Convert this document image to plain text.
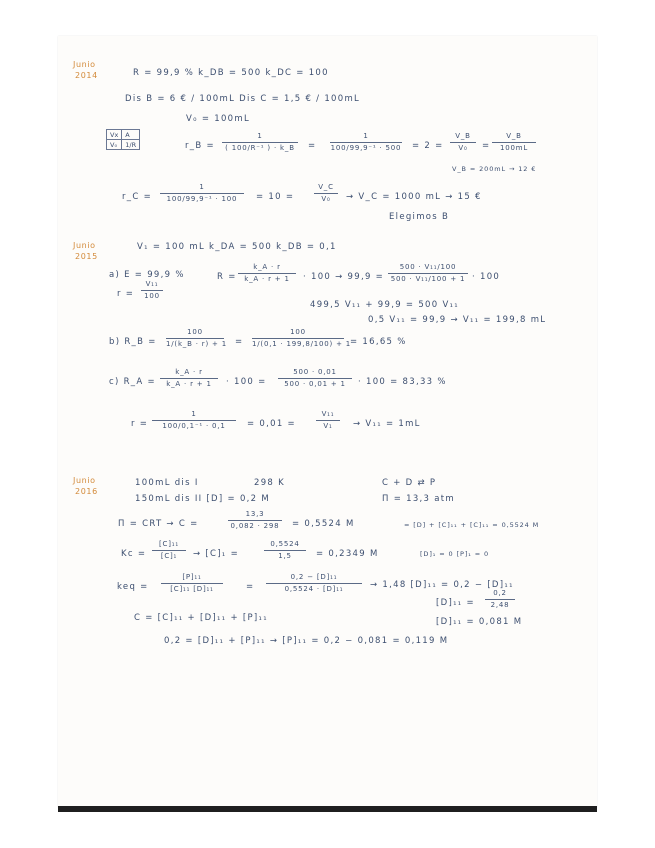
Junio
2014	R = 99,9 % k_DB = 500 k_DC = 100
Dis B = 6 € / 100mL Dis C = 1,5 € / 100mL
V₀ = 100mL
Vx	A
V₀	1/R	r_B =
1
( 100/R⁻¹ ) · k_B	=
1
100/99,9⁻¹ · 500 = 2 =
V_B
V₀	=
V_B
100mL
V_B = 200mL → 12 €
r_C =
1
100/99,9⁻¹ · 100	= 10 =
V_C
V₀	→ V_C = 1000 mL → 15 €
Elegimos B
Junio
2015
V₁ = 100 mL k_DA = 500 k_DB = 0,1
a) E = 99,9 %	R =
k_A · r
k_A · r + 1	· 100 → 99,9 =
500 · V₁₁/100
500 · V₁₁/100 + 1 · 100
r =
V₁₁
100
499,5 V₁₁ + 99,9 = 500 V₁₁
0,5 V₁₁ = 99,9 → V₁₁ = 199,8 mL
b) R_B =
100
1/(k_B · r) + 1 =
100
1/(0,1 · 199,8/100) + 1
= 16,65 %
c) R_A =
k_A · r
k_A · r + 1	· 100 =
500 · 0,01
500 · 0,01 + 1	· 100 = 83,33 %
r =
1
100/0,1⁻¹ · 0,1	= 0,01 =
V₁₁
V₁	→ V₁₁ = 1mL
Junio
2016
100mL dis I	298 K	C + D ⇄ P
150mL dis II [D] = 0,2 M	Π = 13,3 atm
Π = CRT → C =
13,3
0,082 · 298	= 0,5524 M	= [D] + [C]₁₁ + [C]₁₁ = 0,5524 M
Kc =
[C]₁₁
[C]₁	→ [C]₁ =
0,5524
1,5	= 0,2349 M	[D]₁ = 0 [P]₁ = 0
keq =
[P]₁₁
[C]₁₁ [D]₁₁	=
0,2 − [D]₁₁
0,5524 · [D]₁₁	→ 1,48 [D]₁₁ = 0,2 − [D]₁₁
[D]₁₁ =
0,2
2,48
[D]₁₁ = 0,081 M
C = [C]₁₁ + [D]₁₁ + [P]₁₁
0,2 = [D]₁₁ + [P]₁₁ → [P]₁₁ = 0,2 − 0,081 = 0,119 M
